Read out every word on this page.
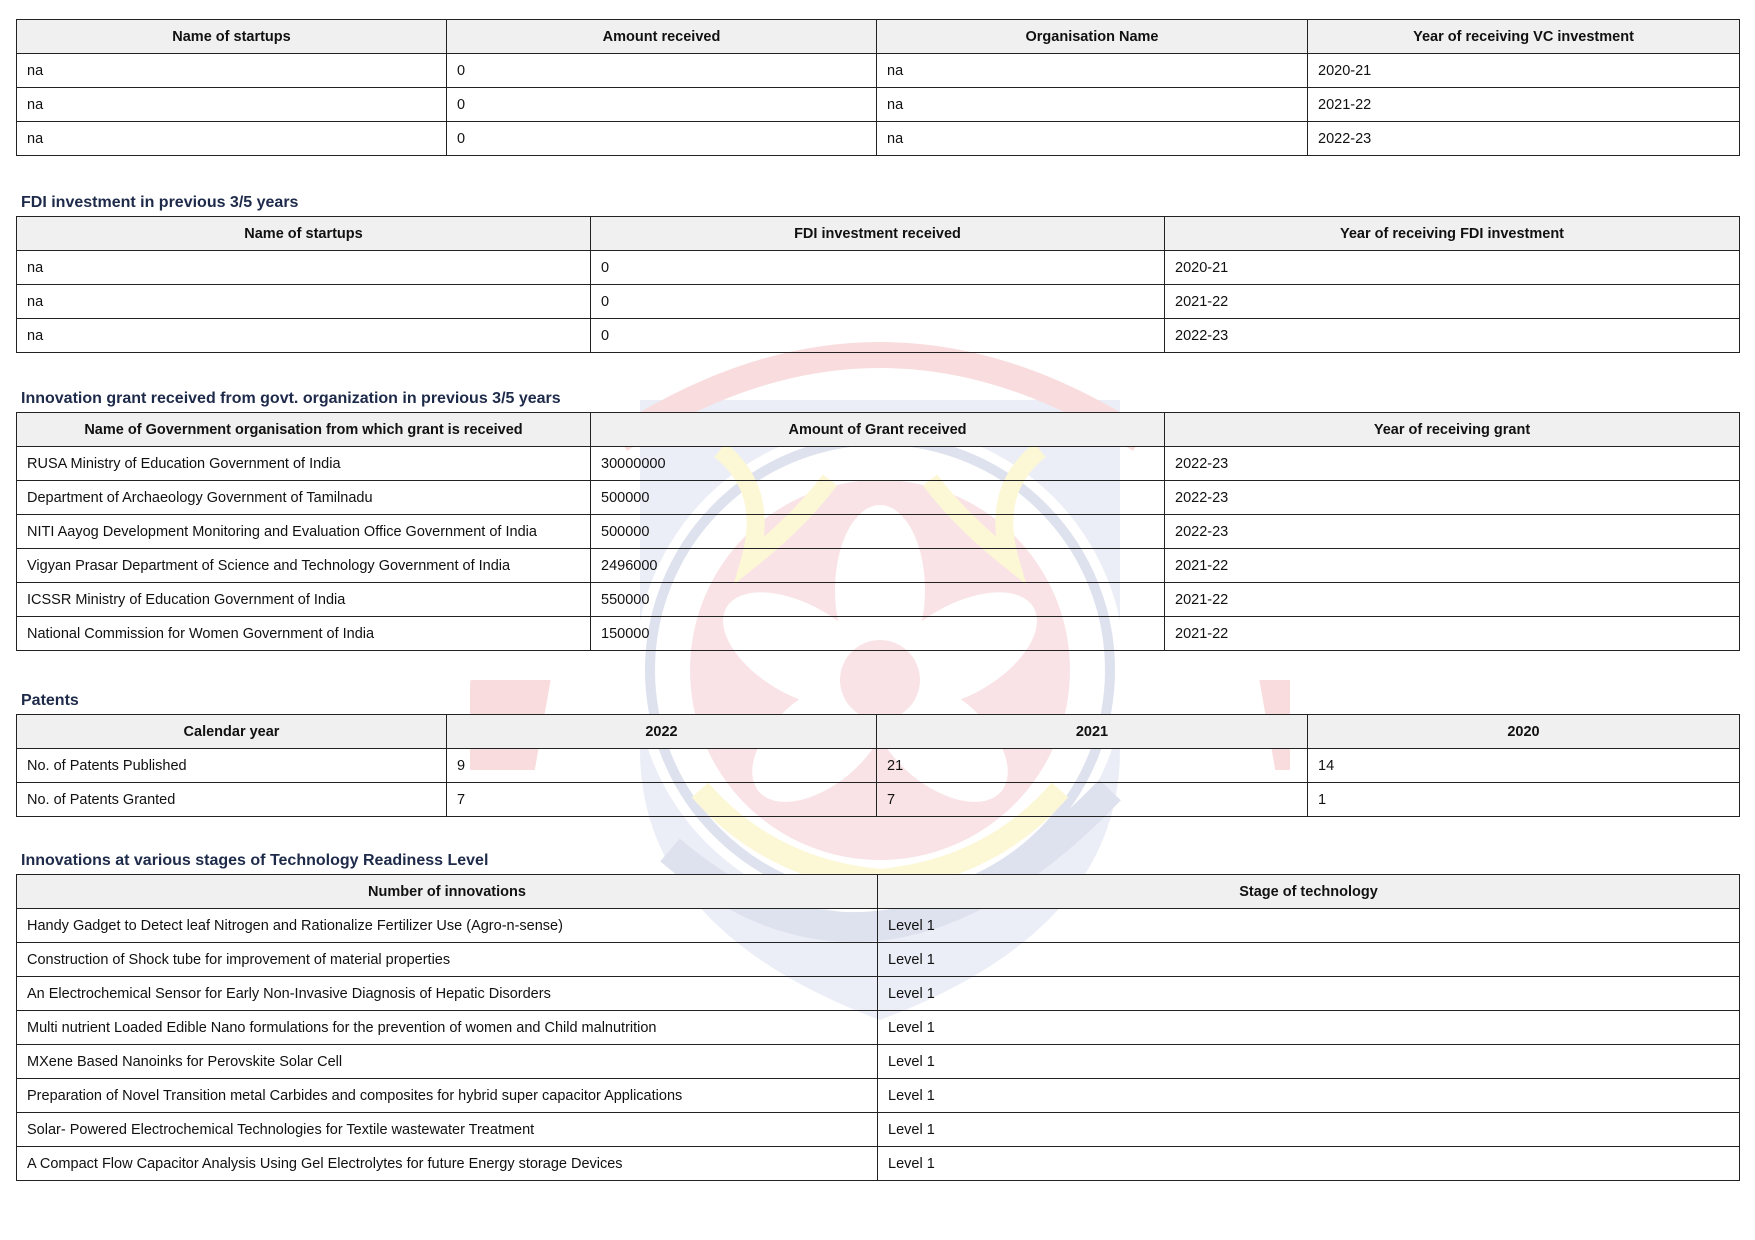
Name of startups	Amount received	Organisation Name	Year of receiving VC investment
na	0	na	2020-21
na	0	na	2021-22
na	0	na	2022-23
FDI investment in previous 3/5 years
Name of startups	FDI investment received	Year of receiving FDI investment
na	0	2020-21
na	0	2021-22
na	0	2022-23
Innovation grant received from govt. organization in previous 3/5 years
Name of Government organisation from which grant is received	Amount of Grant received	Year of receiving grant
RUSA Ministry of Education Government of India	30000000	2022-23
Department of Archaeology Government of Tamilnadu	500000	2022-23
NITI Aayog Development Monitoring and Evaluation Office Government of India	500000	2022-23
Vigyan Prasar Department of Science and Technology Government of India	2496000	2021-22
ICSSR Ministry of Education Government of India	550000	2021-22
National Commission for Women Government of India	150000	2021-22
Patents
Calendar year	2022	2021	2020
No. of Patents Published	9	21	14
No. of Patents Granted	7	7	1
Innovations at various stages of Technology Readiness Level
Number of innovations	Stage of technology
Handy Gadget to Detect leaf Nitrogen and Rationalize Fertilizer Use (Agro-n-sense)	Level 1
Construction of Shock tube for improvement of material properties	Level 1
An Electrochemical Sensor for Early Non-Invasive Diagnosis of Hepatic Disorders	Level 1
Multi nutrient Loaded Edible Nano formulations for the prevention of women and Child malnutrition	Level 1
MXene Based Nanoinks for Perovskite Solar Cell	Level 1
Preparation of Novel Transition metal Carbides and composites for hybrid super capacitor Applications	Level 1
Solar- Powered Electrochemical Technologies for Textile wastewater Treatment	Level 1
A Compact Flow Capacitor Analysis Using Gel Electrolytes for future Energy storage Devices	Level 1
